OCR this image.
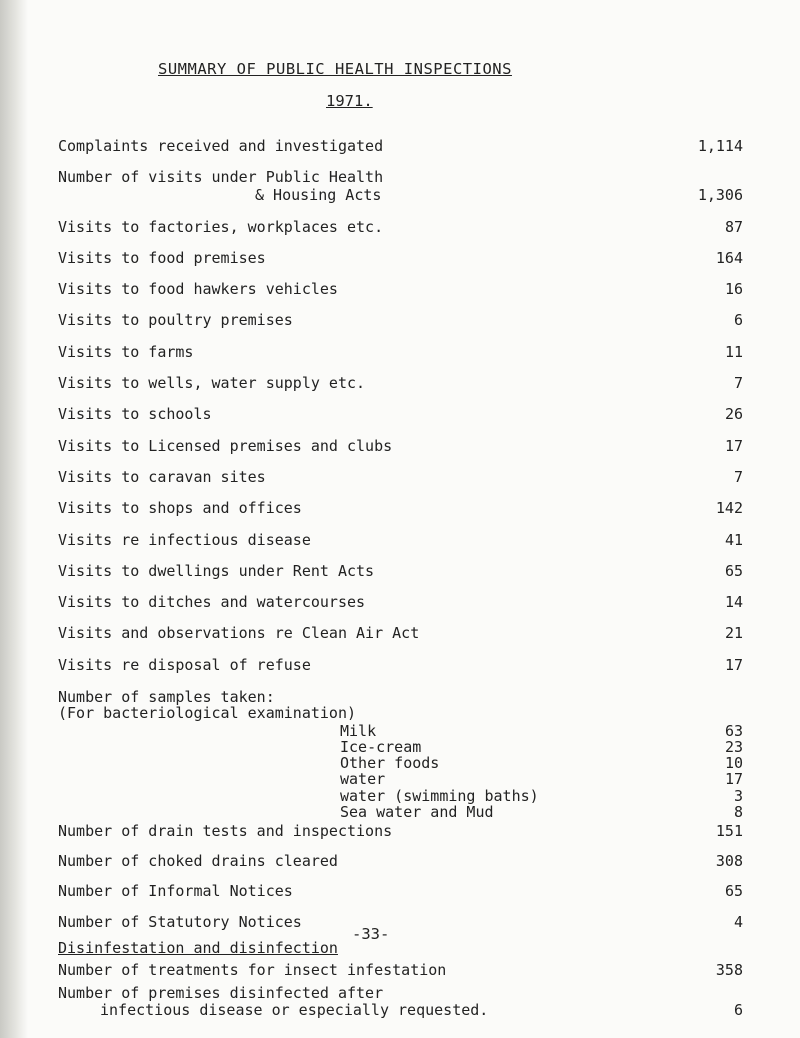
SUMMARY OF PUBLIC HEALTH INSPECTIONS
1971.
Complaints received and investigated	1,114
Number of visits under Public Health
& Housing Acts	1,306
Visits to factories, workplaces etc.	87
Visits to food premises	164
Visits to food hawkers vehicles	16
Visits to poultry premises	6
Visits to farms	11
Visits to wells, water supply etc.	7
Visits to schools	26
Visits to Licensed premises and clubs	17
Visits to caravan sites	7
Visits to shops and offices	142
Visits re infectious disease	41
Visits to dwellings under Rent Acts	65
Visits to ditches and watercourses	14
Visits and observations re Clean Air Act	21
Visits re disposal of refuse	17
Number of samples taken:
(For bacteriological examination)
Milk	63
Ice-cream	23
Other foods	10
water	17
water (swimming baths)	3
Sea water and Mud	8
Number of drain tests and inspections	151
Number of choked drains cleared	308
Number of Informal Notices	65
Number of Statutory Notices	4
Disinfestation and disinfection
Number of treatments for insect infestation	358
Number of premises disinfected after
infectious disease or especially requested.	6
-33-
